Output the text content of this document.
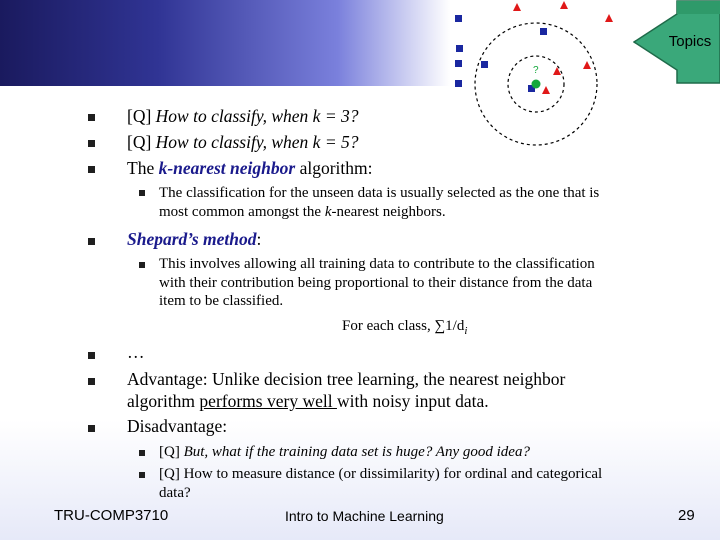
?
Topics
[Q] How to classify, when k = 3?
[Q] How to classify, when k = 5?
The k-nearest neighbor algorithm:
The classification for the unseen data is usually selected as the one that is
most common amongst the k-nearest neighbors.
Shepard’s method:
This involves allowing all training data to contribute to the classification
with their contribution being proportional to their distance from the data
item to be classified.
For each class, $\sum 1/d_i$
…
Advantage: Unlike decision tree learning, the nearest neighbor
algorithm performs very well with noisy input data.
Disadvantage:
[Q] But, what if the training data set is huge? Any good idea?
[Q] How to measure distance (or dissimilarity) for ordinal and categorical
data?
TRU-COMP3710	Intro to Machine Learning	29
